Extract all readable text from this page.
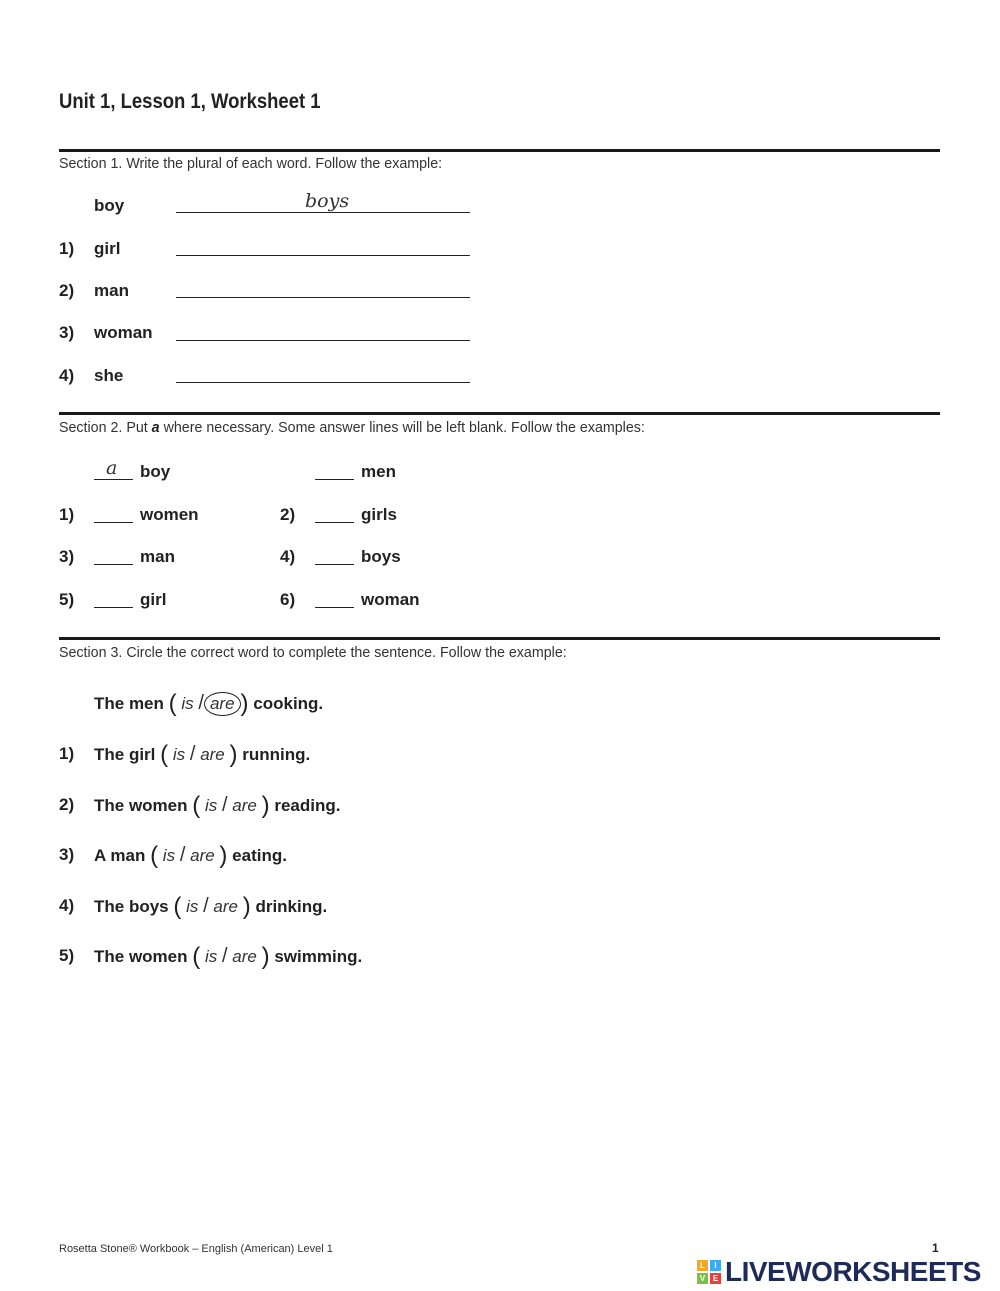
Unit 1, Lesson 1, Worksheet 1
Section 1. Write the plural of each word. Follow the example:
boy	boys
1) girl
2) man
3) woman
4) she
Section 2. Put a where necessary. Some answer lines will be left blank. Follow the examples:
a boy	men
1)	women	2)	girls
3)	man	4)	boys
5)	girl	6)	woman
Section 3. Circle the correct word to complete the sentence. Follow the example:
The men ( is / are ) cooking.
1) The girl ( is / are ) running.
2) The women ( is / are ) reading.
3) A man ( is / are ) eating.
4) The boys ( is / are ) drinking.
5) The women ( is / are ) swimming.
Rosetta Stone® Workbook – English (American) Level 1	1
L	I
V E LIVEWORKSHEETS
